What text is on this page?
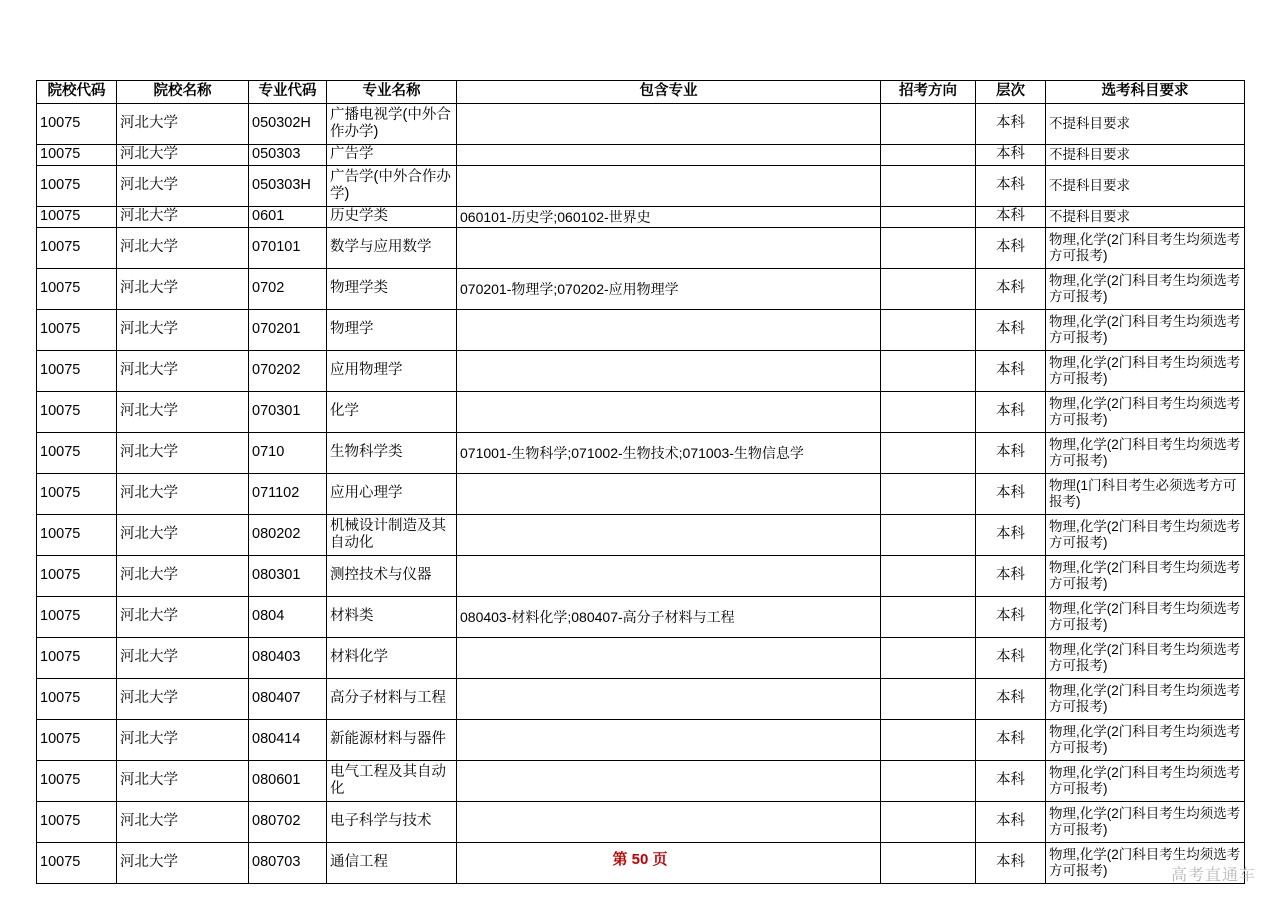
院校代码	院校名称	专业代码	专业名称	包含专业	招考方向	层次	选考科目要求
10075	河北大学	050302H	广播电视学(中外合作办学)			本科	不提科目要求
10075	河北大学	050303	广告学			本科	不提科目要求
10075	河北大学	050303H	广告学(中外合作办学)			本科	不提科目要求
10075	河北大学	0601	历史学类	060101-历史学;060102-世界史		本科	不提科目要求
10075	河北大学	070101	数学与应用数学			本科	物理,化学(2门科目考生均须选考方可报考)
10075	河北大学	0702	物理学类	070201-物理学;070202-应用物理学		本科	物理,化学(2门科目考生均须选考方可报考)
10075	河北大学	070201	物理学			本科	物理,化学(2门科目考生均须选考方可报考)
10075	河北大学	070202	应用物理学			本科	物理,化学(2门科目考生均须选考方可报考)
10075	河北大学	070301	化学			本科	物理,化学(2门科目考生均须选考方可报考)
10075	河北大学	0710	生物科学类	071001-生物科学;071002-生物技术;071003-生物信息学		本科	物理,化学(2门科目考生均须选考方可报考)
10075	河北大学	071102	应用心理学			本科	物理(1门科目考生必须选考方可报考)
10075	河北大学	080202	机械设计制造及其自动化			本科	物理,化学(2门科目考生均须选考方可报考)
10075	河北大学	080301	测控技术与仪器			本科	物理,化学(2门科目考生均须选考方可报考)
10075	河北大学	0804	材料类	080403-材料化学;080407-高分子材料与工程		本科	物理,化学(2门科目考生均须选考方可报考)
10075	河北大学	080403	材料化学			本科	物理,化学(2门科目考生均须选考方可报考)
10075	河北大学	080407	高分子材料与工程			本科	物理,化学(2门科目考生均须选考方可报考)
10075	河北大学	080414	新能源材料与器件			本科	物理,化学(2门科目考生均须选考方可报考)
10075	河北大学	080601	电气工程及其自动化			本科	物理,化学(2门科目考生均须选考方可报考)
10075	河北大学	080702	电子科学与技术			本科	物理,化学(2门科目考生均须选考方可报考)
10075	河北大学	080703	通信工程			本科	物理,化学(2门科目考生均须选考方可报考)
第 50 页
高考直通车
